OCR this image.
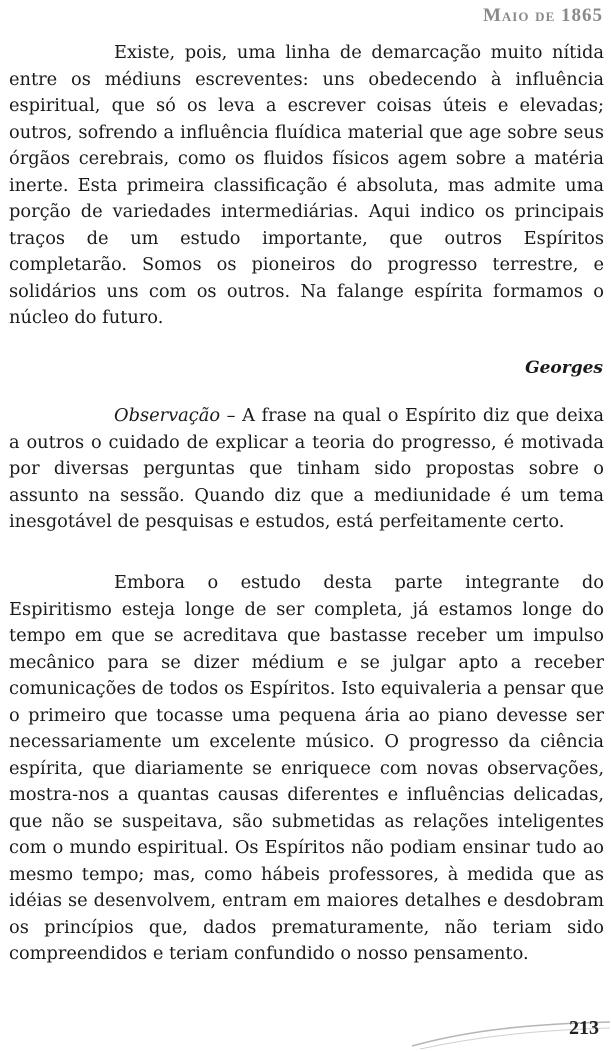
Maio de 1865

Existe, pois, uma linha de demarcação muito nítida entre os médiuns escreventes: uns obedecendo à influência espiritual, que só os leva a escrever coisas úteis e elevadas; outros, sofrendo a influência fluídica material que age sobre seus órgãos cerebrais, como os fluidos físicos agem sobre a matéria inerte. Esta primeira classificação é absoluta, mas admite uma porção de variedades intermediárias. Aqui indico os principais traços de um estudo importante, que outros Espíritos completarão. Somos os pioneiros do progresso terrestre, e solidários uns com os outros. Na falange espírita formamos o núcleo do futuro.

Georges

Observação – A frase na qual o Espírito diz que deixa a outros o cuidado de explicar a teoria do progresso, é motivada por diversas perguntas que tinham sido propostas sobre o assunto na sessão. Quando diz que a mediunidade é um tema inesgotável de pesquisas e estudos, está perfeitamente certo.

Embora o estudo desta parte integrante do Espiritismo esteja longe de ser completa, já estamos longe do tempo em que se acreditava que bastasse receber um impulso mecânico para se dizer médium e se julgar apto a receber comunicações de todos os Espíritos. Isto equivaleria a pensar que o primeiro que tocasse uma pequena ária ao piano devesse ser necessariamente um excelente músico. O progresso da ciência espírita, que diariamente se enriquece com novas observações, mostra-nos a quantas causas diferentes e influências delicadas, que não se suspeitava, são submetidas as relações inteligentes com o mundo espiritual. Os Espíritos não podiam ensinar tudo ao mesmo tempo; mas, como hábeis professores, à medida que as idéias se desenvolvem, entram em maiores detalhes e desdobram os princípios que, dados prematuramente, não teriam sido compreendidos e teriam confundido o nosso pensamento.

213
